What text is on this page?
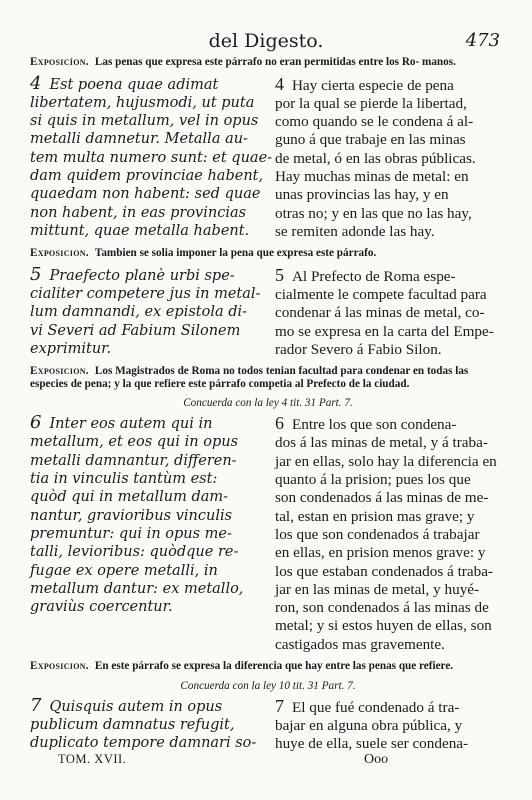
del Digesto.	473

Exposicíon. Las penas que expresa este párrafo no eran permitidas entre los Ro- manos.

4 Est poena quae adimat
libertatem, hujusmodi, ut puta
si quis in metallum, vel in opus
metalli damnetur. Metalla au-
tem multa numero sunt: et quae-
dam quidem provinciae habent,
quaedam non habent: sed quae
non habent, in eas provincias
mittunt, quae metalla habent.
4 Hay cierta especie de pena
por la qual se pierde la libertad,
como quando se le condena á al-
guno á que trabaje en las minas
de metal, ó en las obras públicas.
Hay muchas minas de metal: en
unas provincias las hay, y en
otras no; y en las que no las hay,
se remiten adonde las hay.

Exposicion. Tambien se solia imponer la pena que expresa este párrafo.

5 Praefecto planè urbi spe-
cialiter competere jus in metal-
lum damnandi, ex epistola di-
vi Severi ad Fabium Silonem
exprimitur.
5 Al Prefecto de Roma espe-
cialmente le compete facultad para
condenar á las minas de metal, co-
mo se expresa en la carta del Empe-
rador Severo á Fabio Silon.

Exposicion. Los Magistrados de Roma no todos tenian facultad para condenar en todas las especies de pena; y la que refiere este párrafo competia al Prefecto de la ciudad.

Concuerda con la ley 4 tit. 31 Part. 7.

6 Inter eos autem qui in
metallum, et eos qui in opus
metalli damnantur, differen-
tia in vinculis tantùm est:
quòd qui in metallum dam-
nantur, gravioribus vinculis
premuntur: qui in opus me-
talli, levioribus: quòdque re-
fugae ex opere metalli, in
metallum dantur: ex metallo,
graviùs coercentur.
6 Entre los que son condena-
dos á las minas de metal, y á traba-
jar en ellas, solo hay la diferencia en
quanto á la prision; pues los que
son condenados á las minas de me-
tal, estan en prision mas grave; y
los que son condenados á trabajar
en ellas, en prision menos grave: y
los que estaban condenados á traba-
jar en las minas de metal, y huyé-
ron, son condenados á las minas de
metal; y si estos huyen de ellas, son
castigados mas gravemente.

Exposicion. En este párrafo se expresa la diferencia que hay entre las penas que refiere.

Concuerda con la ley 10 tit. 31 Part. 7.

7 Quisquis autem in opus
publicum damnatus refugit,
duplicato tempore damnari so-
7 El que fué condenado á tra-
bajar en alguna obra pública, y
huye de ella, suele ser condena-
TOM. XVII.	Ooo
